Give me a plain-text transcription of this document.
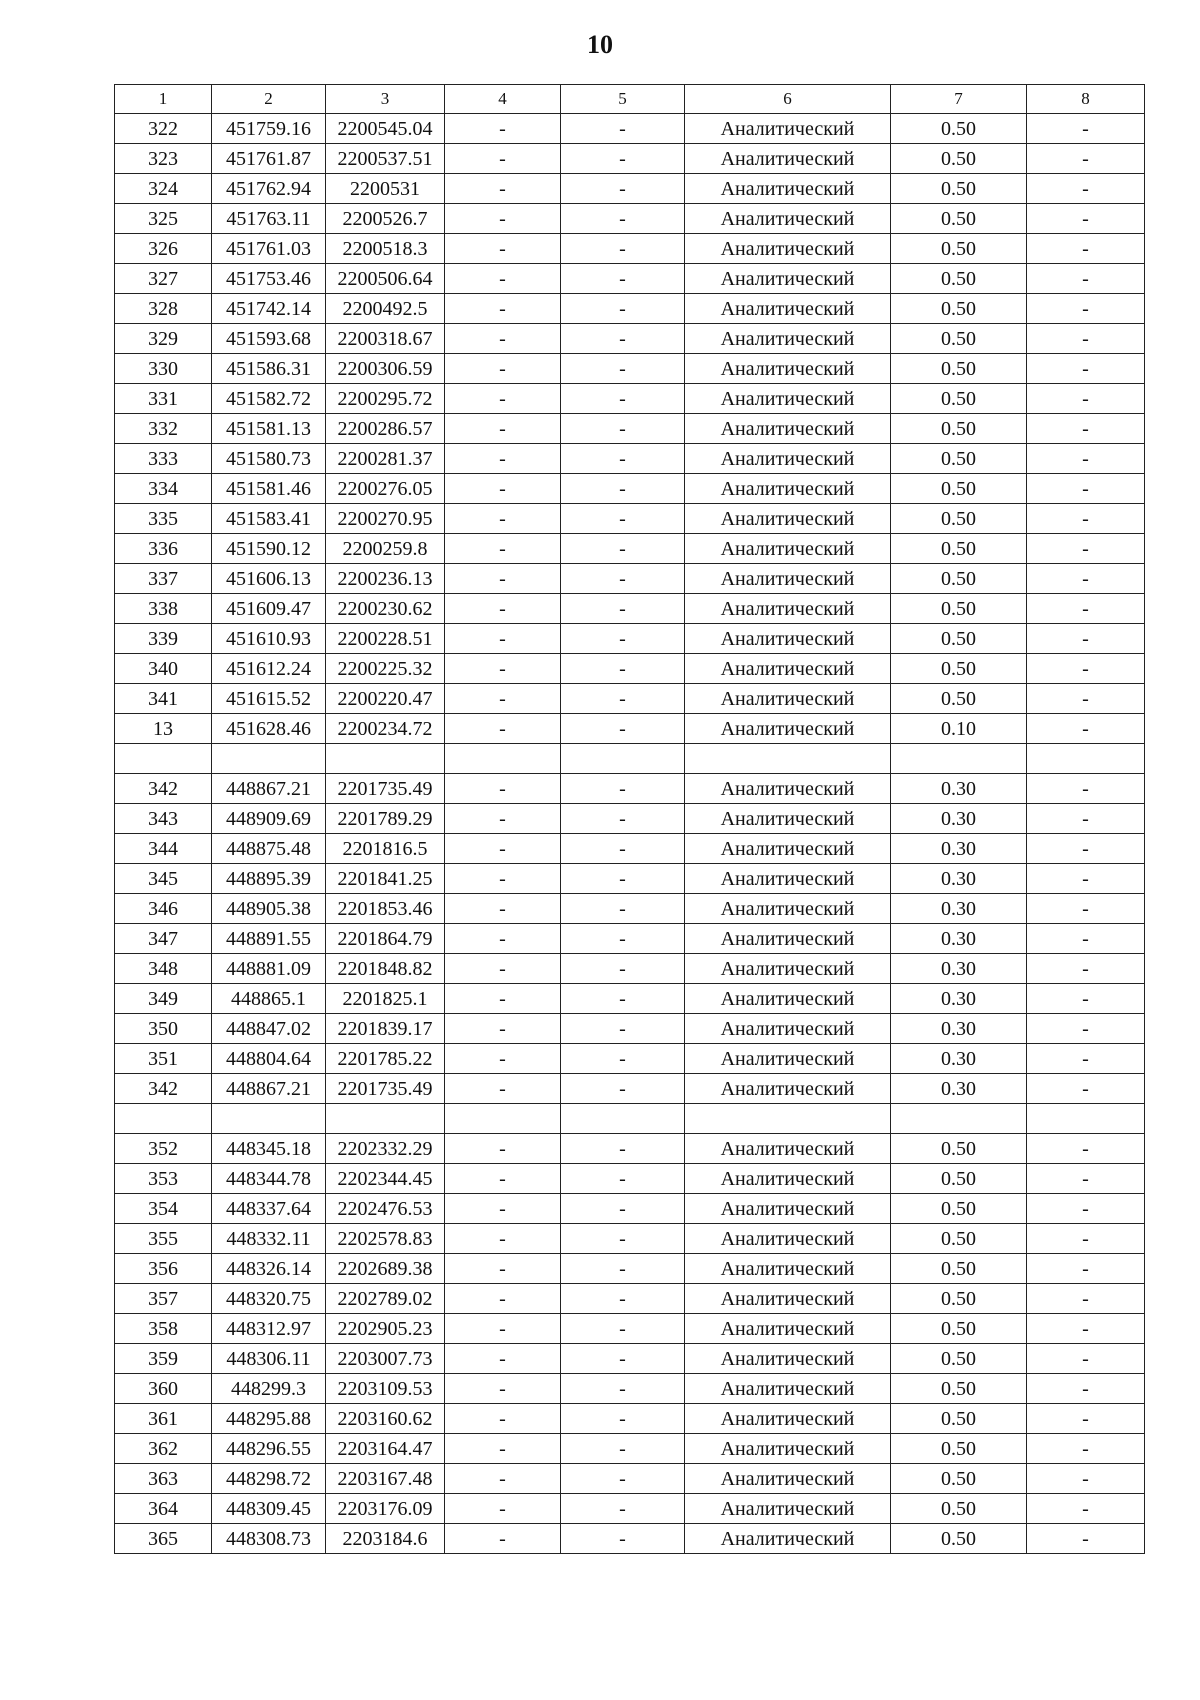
10
1	2	3	4	5	6	7	8
322	451759.16	2200545.04	-	-	Аналитический	0.50	-
323	451761.87	2200537.51	-	-	Аналитический	0.50	-
324	451762.94	2200531	-	-	Аналитический	0.50	-
325	451763.11	2200526.7	-	-	Аналитический	0.50	-
326	451761.03	2200518.3	-	-	Аналитический	0.50	-
327	451753.46	2200506.64	-	-	Аналитический	0.50	-
328	451742.14	2200492.5	-	-	Аналитический	0.50	-
329	451593.68	2200318.67	-	-	Аналитический	0.50	-
330	451586.31	2200306.59	-	-	Аналитический	0.50	-
331	451582.72	2200295.72	-	-	Аналитический	0.50	-
332	451581.13	2200286.57	-	-	Аналитический	0.50	-
333	451580.73	2200281.37	-	-	Аналитический	0.50	-
334	451581.46	2200276.05	-	-	Аналитический	0.50	-
335	451583.41	2200270.95	-	-	Аналитический	0.50	-
336	451590.12	2200259.8	-	-	Аналитический	0.50	-
337	451606.13	2200236.13	-	-	Аналитический	0.50	-
338	451609.47	2200230.62	-	-	Аналитический	0.50	-
339	451610.93	2200228.51	-	-	Аналитический	0.50	-
340	451612.24	2200225.32	-	-	Аналитический	0.50	-
341	451615.52	2200220.47	-	-	Аналитический	0.50	-
13	451628.46	2200234.72	-	-	Аналитический	0.10	-

342	448867.21	2201735.49	-	-	Аналитический	0.30	-
343	448909.69	2201789.29	-	-	Аналитический	0.30	-
344	448875.48	2201816.5	-	-	Аналитический	0.30	-
345	448895.39	2201841.25	-	-	Аналитический	0.30	-
346	448905.38	2201853.46	-	-	Аналитический	0.30	-
347	448891.55	2201864.79	-	-	Аналитический	0.30	-
348	448881.09	2201848.82	-	-	Аналитический	0.30	-
349	448865.1	2201825.1	-	-	Аналитический	0.30	-
350	448847.02	2201839.17	-	-	Аналитический	0.30	-
351	448804.64	2201785.22	-	-	Аналитический	0.30	-
342	448867.21	2201735.49	-	-	Аналитический	0.30	-

352	448345.18	2202332.29	-	-	Аналитический	0.50	-
353	448344.78	2202344.45	-	-	Аналитический	0.50	-
354	448337.64	2202476.53	-	-	Аналитический	0.50	-
355	448332.11	2202578.83	-	-	Аналитический	0.50	-
356	448326.14	2202689.38	-	-	Аналитический	0.50	-
357	448320.75	2202789.02	-	-	Аналитический	0.50	-
358	448312.97	2202905.23	-	-	Аналитический	0.50	-
359	448306.11	2203007.73	-	-	Аналитический	0.50	-
360	448299.3	2203109.53	-	-	Аналитический	0.50	-
361	448295.88	2203160.62	-	-	Аналитический	0.50	-
362	448296.55	2203164.47	-	-	Аналитический	0.50	-
363	448298.72	2203167.48	-	-	Аналитический	0.50	-
364	448309.45	2203176.09	-	-	Аналитический	0.50	-
365	448308.73	2203184.6	-	-	Аналитический	0.50	-
